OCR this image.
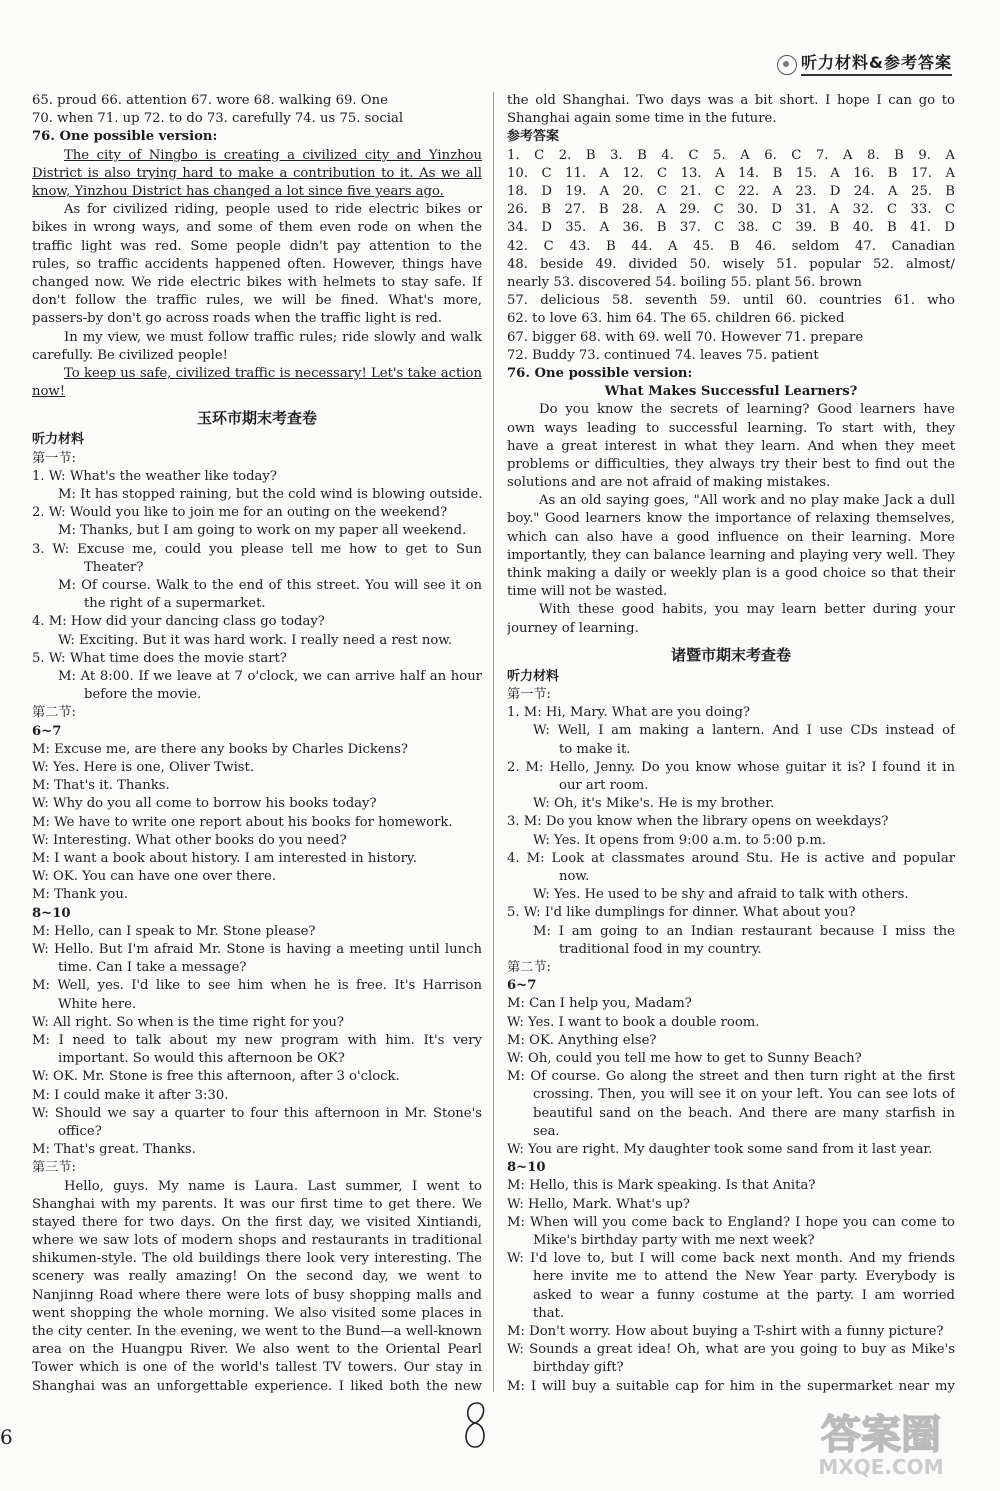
听力材料&参考答案
65. proud 66. attention 67. wore 68. walking 69. One
70. when 71. up 72. to do 73. carefully 74. us 75. social
76. One possible version:
The city of Ningbo is creating a civilized city and Yinzhou
District is also trying hard to make a contribution to it. As we all
know, Yinzhou District has changed a lot since five years ago.
As for civilized riding, people used to ride electric bikes or
bikes in wrong ways, and some of them even rode on when the
traffic light was red. Some people didn't pay attention to the
rules, so traffic accidents happened often. However, things have
changed now. We ride electric bikes with helmets to stay safe. If
don't follow the traffic rules, we will be fined. What's more,
passers-by don't go across roads when the traffic light is red.
In my view, we must follow traffic rules; ride slowly and walk
carefully. Be civilized people!
To keep us safe, civilized traffic is necessary! Let's take action
now!
玉环市期末考查卷
听力材料
第一节:
1. W: What's the weather like today?
M: It has stopped raining, but the cold wind is blowing outside.
2. W: Would you like to join me for an outing on the weekend?
M: Thanks, but I am going to work on my paper all weekend.
3. W: Excuse me, could you please tell me how to get to Sun
Theater?
M: Of course. Walk to the end of this street. You will see it on
the right of a supermarket.
4. M: How did your dancing class go today?
W: Exciting. But it was hard work. I really need a rest now.
5. W: What time does the movie start?
M: At 8:00. If we leave at 7 o'clock, we can arrive half an hour
before the movie.
第二节:
6~7
M: Excuse me, are there any books by Charles Dickens?
W: Yes. Here is one, Oliver Twist.
M: That's it. Thanks.
W: Why do you all come to borrow his books today?
M: We have to write one report about his books for homework.
W: Interesting. What other books do you need?
M: I want a book about history. I am interested in history.
W: OK. You can have one over there.
M: Thank you.
8~10
M: Hello, can I speak to Mr. Stone please?
W: Hello. But I'm afraid Mr. Stone is having a meeting until lunch
time. Can I take a message?
M: Well, yes. I'd like to see him when he is free. It's Harrison
White here.
W: All right. So when is the time right for you?
M: I need to talk about my new program with him. It's very
important. So would this afternoon be OK?
W: OK. Mr. Stone is free this afternoon, after 3 o'clock.
M: I could make it after 3:30.
W: Should we say a quarter to four this afternoon in Mr. Stone's
office?
M: That's great. Thanks.
第三节:
Hello, guys. My name is Laura. Last summer, I went to
Shanghai with my parents. It was our first time to get there. We
stayed there for two days. On the first day, we visited Xintiandi,
where we saw lots of modern shops and restaurants in traditional
shikumen-style. The old buildings there look very interesting. The
scenery was really amazing! On the second day, we went to
Nanjinng Road where there were lots of busy shopping malls and
went shopping the whole morning. We also visited some places in
the city center. In the evening, we went to the Bund—a well-known
area on the Huangpu River. We also went to the Oriental Pearl
Tower which is one of the world's tallest TV towers. Our stay in
Shanghai was an unforgettable experience. I liked both the new
the old Shanghai. Two days was a bit short. I hope I can go to
Shanghai again some time in the future.
参考答案
1. C 2. B 3. B 4. C 5. A 6. C 7. A 8. B 9. A
10. C 11. A 12. C 13. A 14. B 15. A 16. B 17. A
18. D 19. A 20. C 21. C 22. A 23. D 24. A 25. B
26. B 27. B 28. A 29. C 30. D 31. A 32. C 33. C
34. D 35. A 36. B 37. C 38. C 39. B 40. B 41. D
42. C 43. B 44. A 45. B 46. seldom 47. Canadian
48. beside 49. divided 50. wisely 51. popular 52. almost/
nearly 53. discovered 54. boiling 55. plant 56. brown
57. delicious 58. seventh 59. until 60. countries 61. who
62. to love 63. him 64. The 65. children 66. picked
67. bigger 68. with 69. well 70. However 71. prepare
72. Buddy 73. continued 74. leaves 75. patient
76. One possible version:
What Makes Successful Learners?
Do you know the secrets of learning? Good learners have
own ways leading to successful learning. To start with, they
have a great interest in what they learn. And when they meet
problems or difficulties, they always try their best to find out the
solutions and are not afraid of making mistakes.
As an old saying goes, "All work and no play make Jack a dull
boy." Good learners know the importance of relaxing themselves,
which can also have a good influence on their learning. More
importantly, they can balance learning and playing very well. They
think making a daily or weekly plan is a good choice so that their
time will not be wasted.
With these good habits, you may learn better during your
journey of learning.
诸暨市期末考查卷
听力材料
第一节:
1. M: Hi, Mary. What are you doing?
W: Well, I am making a lantern. And I use CDs instead of
to make it.
2. M: Hello, Jenny. Do you know whose guitar it is? I found it in
our art room.
W: Oh, it's Mike's. He is my brother.
3. M: Do you know when the library opens on weekdays?
W: Yes. It opens from 9:00 a.m. to 5:00 p.m.
4. M: Look at classmates around Stu. He is active and popular
now.
W: Yes. He used to be shy and afraid to talk with others.
5. W: I'd like dumplings for dinner. What about you?
M: I am going to an Indian restaurant because I miss the
traditional food in my country.
第二节:
6~7
M: Can I help you, Madam?
W: Yes. I want to book a double room.
M: OK. Anything else?
W: Oh, could you tell me how to get to Sunny Beach?
M: Of course. Go along the street and then turn right at the first
crossing. Then, you will see it on your left. You can see lots of
beautiful sand on the beach. And there are many starfish in
sea.
W: You are right. My daughter took some sand from it last year.
8~10
M: Hello, this is Mark speaking. Is that Anita?
W: Hello, Mark. What's up?
M: When will you come back to England? I hope you can come to
Mike's birthday party with me next week?
W: I'd love to, but I will come back next month. And my friends
here invite me to attend the New Year party. Everybody is
asked to wear a funny costume at the party. I am worried
that.
M: Don't worry. How about buying a T-shirt with a funny picture?
W: Sounds a great idea! Oh, what are you going to buy as Mike's
birthday gift?
M: I will buy a suitable cap for him in the supermarket near my
6	答案圈
MXQE.COM
